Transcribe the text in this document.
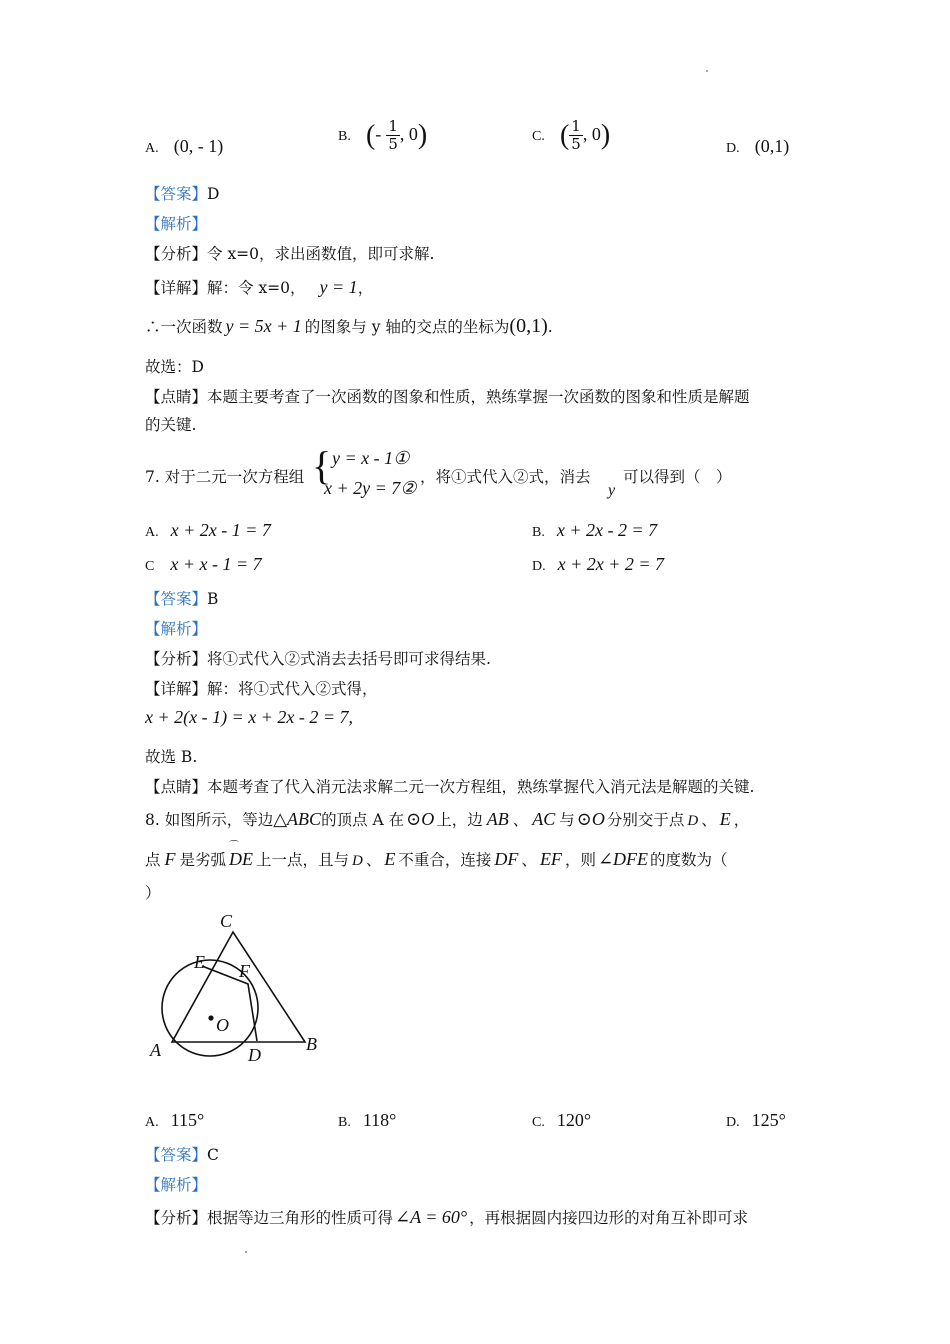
A. (0, - 1)	B. (- $\frac{1}{5}$ , 0)	C. ( $\frac{1}{5}$ , 0)	D. (0,1)
【答案】D
【解析】
【分析】令 x=0，求出函数值，即可求解.
【详解】解：令 x=0， y = 1，
∴一次函数 y = 5x + 1 的图象与 y 轴的交点的坐标为(0,1).
故选：D
【点睛】本题主要考查了一次函数的图象和性质，熟练掌握一次函数的图象和性质是解题
的关键.
7. 对于二元一次方程组 { y = x - 1①
x + 2y = 7②
，将①式代入②式，消去
y
可以得到（　）
A. x + 2x - 1 = 7	B. x + 2x - 2 = 7
C x + x - 1 = 7	D. x + 2x + 2 = 7
【答案】B
【解析】
【分析】将①式代入②式消去去括号即可求得结果.
【详解】解：将①式代入②式得，
x + 2(x - 1) = x + 2x - 2 = 7,
故选 B.
【点睛】本题考查了代入消元法求解二元一次方程组，熟练掌握代入消元法是解题的关键.
8. 如图所示，等边△ABC的顶点 A 在 ⊙O 上，边 AB 、 AC 与 ⊙O 分别交于点 D 、 E ，
点 F 是劣弧
⌒
DE 上一点，且与 D 、 E 不重合，连接 DF 、 EF ，则 ∠DFE 的度数为（
）
C
E F
O
A	D
B
A. 115°	B. 118°	C. 120°	D. 125°
【答案】C
【解析】
【分析】根据等边三角形的性质可得 ∠A = 60° ，再根据圆内接四边形的对角互补即可求
